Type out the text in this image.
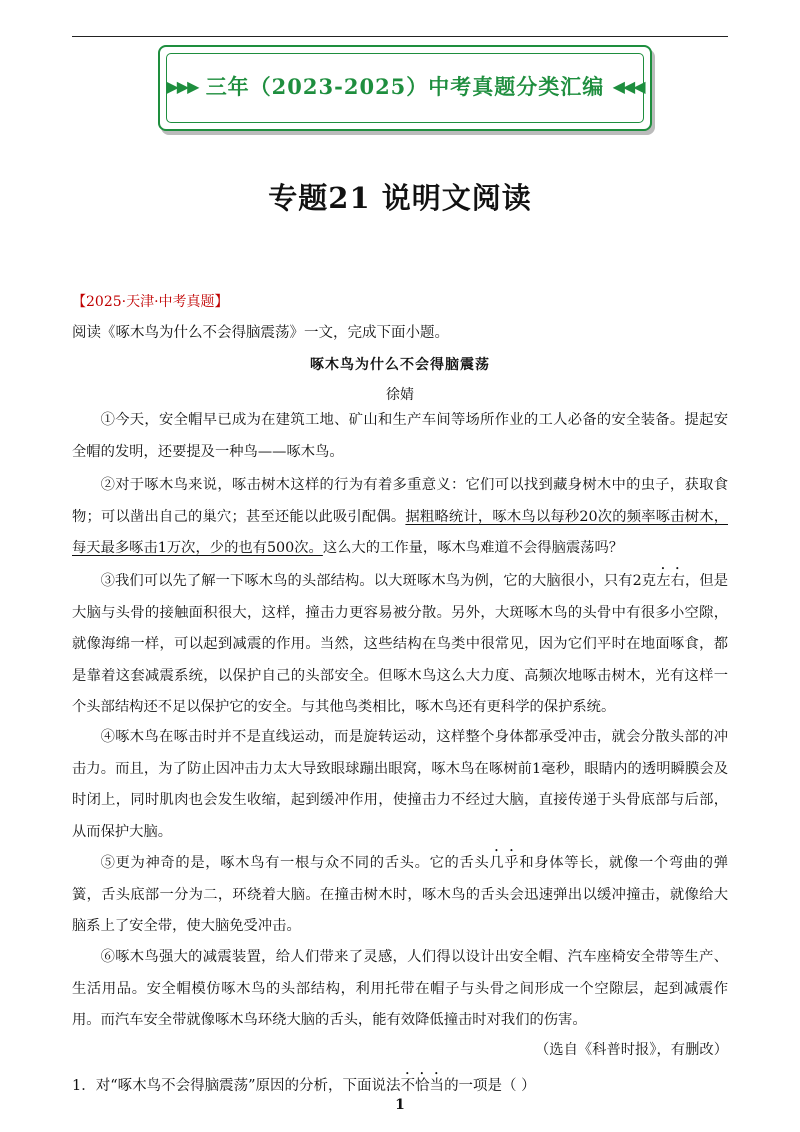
▶▶▶ 三年（2023-2025）中考真题分类汇编 ◀◀◀
专题21 说明文阅读
【2025·天津·中考真题】
阅读《啄木鸟为什么不会得脑震荡》一文，完成下面小题。
啄木鸟为什么不会得脑震荡
徐婧
①今天，安全帽早已成为在建筑工地、矿山和生产车间等场所作业的工人必备的安全装备。提起安全帽的发明，还要提及一种鸟——啄木鸟。
②对于啄木鸟来说，啄击树木这样的行为有着多重意义：它们可以找到藏身树木中的虫子，获取食物；可以凿出自己的巢穴；甚至还能以此吸引配偶。据粗略统计，啄木鸟以每秒20次的频率啄击树木，每天最多啄击1万次，少的也有500次。这么大的工作量，啄木鸟难道不会得脑震荡吗？
③我们可以先了解一下啄木鸟的头部结构。以大斑啄木鸟为例，它的大脑很小，只有2克左右，但是大脑与头骨的接触面积很大，这样，撞击力更容易被分散。另外，大斑啄木鸟的头骨中有很多小空隙，就像海绵一样，可以起到减震的作用。当然，这些结构在鸟类中很常见，因为它们平时在地面啄食，都是靠着这套减震系统，以保护自己的头部安全。但啄木鸟这么大力度、高频次地啄击树木，光有这样一个头部结构还不足以保护它的安全。与其他鸟类相比，啄木鸟还有更科学的保护系统。
④啄木鸟在啄击时并不是直线运动，而是旋转运动，这样整个身体都承受冲击，就会分散头部的冲击力。而且，为了防止因冲击力太大导致眼球蹦出眼窝，啄木鸟在啄树前1毫秒，眼睛内的透明瞬膜会及时闭上，同时肌肉也会发生收缩，起到缓冲作用，使撞击力不经过大脑，直接传递于头骨底部与后部，从而保护大脑。
⑤更为神奇的是，啄木鸟有一根与众不同的舌头。它的舌头几乎和身体等长，就像一个弯曲的弹簧，舌头底部一分为二，环绕着大脑。在撞击树木时，啄木鸟的舌头会迅速弹出以缓冲撞击，就像给大脑系上了安全带，使大脑免受冲击。
⑥啄木鸟强大的减震装置，给人们带来了灵感，人们得以设计出安全帽、汽车座椅安全带等生产、生活用品。安全帽模仿啄木鸟的头部结构，利用托带在帽子与头骨之间形成一个空隙层，起到减震作用。而汽车安全带就像啄木鸟环绕大脑的舌头，能有效降低撞击时对我们的伤害。
（选自《科普时报》，有删改）
1．对“啄木鸟不会得脑震荡”原因的分析，下面说法不恰当的一项是（ ）
1
